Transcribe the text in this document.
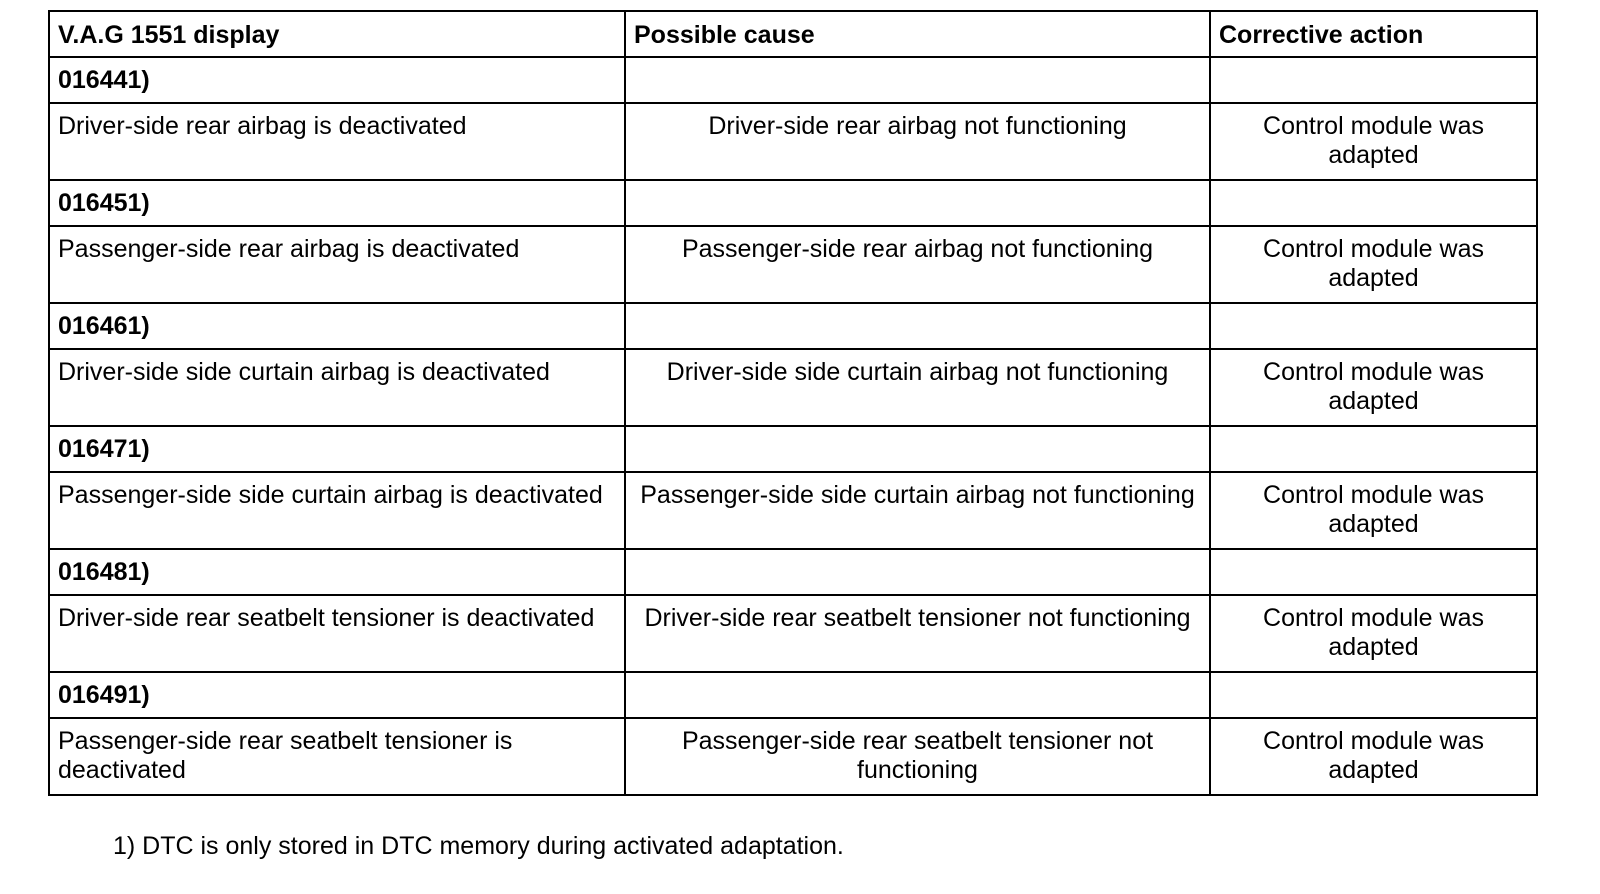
V.A.G 1551 display	Possible cause	Corrective action
016441)		
Driver-side rear airbag is deactivated	Driver-side rear airbag not functioning	Control module was adapted
016451)		
Passenger-side rear airbag is deactivated	Passenger-side rear airbag not functioning	Control module was adapted
016461)		
Driver-side side curtain airbag is deactivated	Driver-side side curtain airbag not functioning	Control module was adapted
016471)		
Passenger-side side curtain airbag is deactivated	Passenger-side side curtain airbag not functioning	Control module was adapted
016481)		
Driver-side rear seatbelt tensioner is deactivated	Driver-side rear seatbelt tensioner not functioning	Control module was adapted
016491)		
Passenger-side rear seatbelt tensioner is deactivated	Passenger-side rear seatbelt tensioner not functioning	Control module was adapted
1) DTC is only stored in DTC memory during activated adaptation.
